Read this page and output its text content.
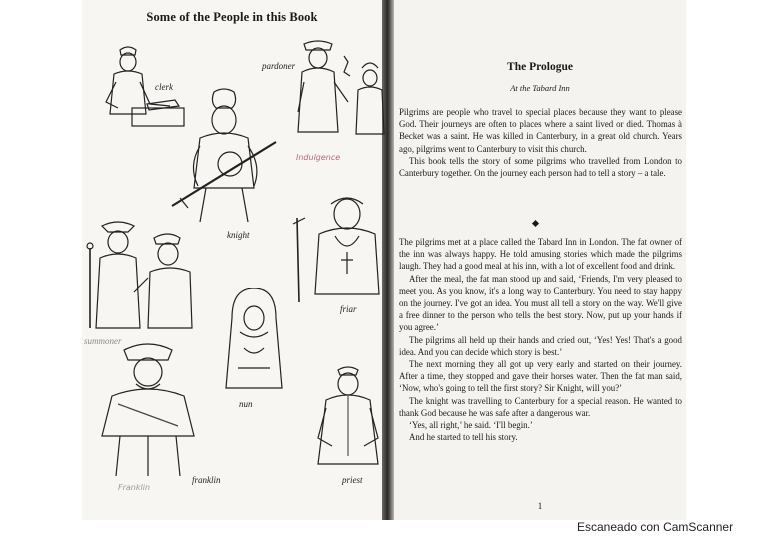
Some of the People in this Book
clerk
pardoner
Indulgence
knight
summoner
friar
nun
Franklin
franklin	priest
The Prologue
At the Tabard Inn

Pilgrims are people who travel to special places because they want to please God. Their journeys are often to places where a saint lived or died. Thomas à Becket was a saint. He was killed in Canterbury, in a great old church. Years ago, pilgrims went to Canterbury to visit this church.

This book tells the story of some pilgrims who travelled from London to Canterbury together. On the journey each person had to tell a story – a tale.

The pilgrims met at a place called the Tabard Inn in London. The fat owner of the inn was always happy. He told amusing stories which made the pilgrims laugh. They had a good meal at his inn, with a lot of excellent food and drink.

After the meal, the fat man stood up and said, ‘Friends, I'm very pleased to meet you. As you know, it's a long way to Canterbury. You need to stay happy on the journey. I've got an idea. You must all tell a story on the way. We'll give a free dinner to the person who tells the best story. Now, put up your hands if you agree.’

The pilgrims all held up their hands and cried out, ‘Yes! Yes! That's a good idea. And you can decide which story is best.’

The next morning they all got up very early and started on their journey. After a time, they stopped and gave their horses water. Then the fat man said, ‘Now, who's going to tell the first story? Sir Knight, will you?’

The knight was travelling to Canterbury for a special reason. He wanted to thank God because he was safe after a dangerous war.

‘Yes, all right,’ he said. ‘I'll begin.’

And he started to tell his story.

1
Escaneado con CamScanner
